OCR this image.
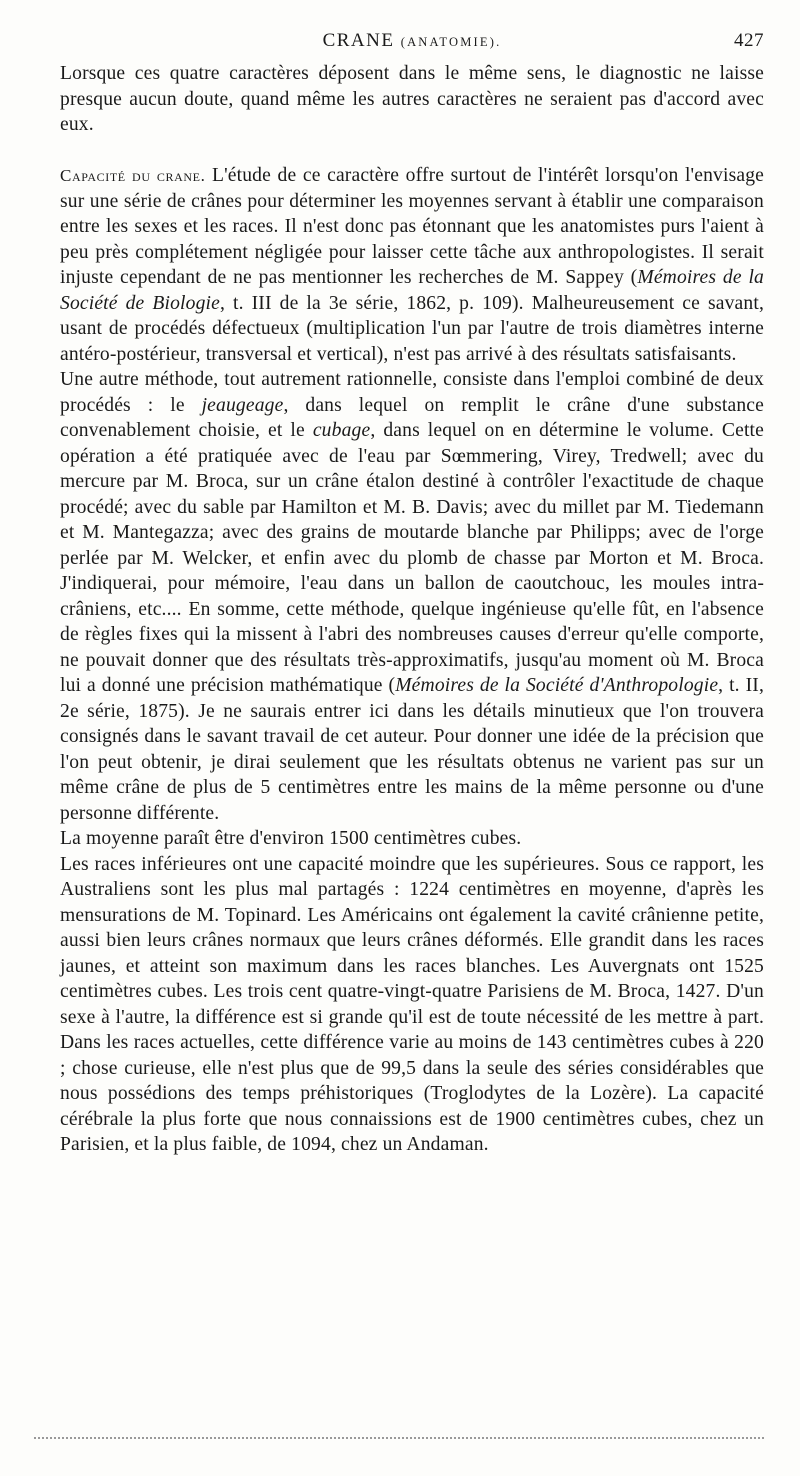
CRANE (ANATOMIE).	427

Lorsque ces quatre caractères déposent dans le même sens, le diagnostic ne laisse presque aucun doute, quand même les autres caractères ne seraient pas d'accord avec eux.

Capacité du crane. L'étude de ce caractère offre surtout de l'intérêt lorsqu'on l'envisage sur une série de crânes pour déterminer les moyennes servant à établir une comparaison entre les sexes et les races. Il n'est donc pas étonnant que les anatomistes purs l'aient à peu près complétement négligée pour laisser cette tâche aux anthropologistes. Il serait injuste cependant de ne pas mentionner les recherches de M. Sappey (Mémoires de la Société de Biologie, t. III de la 3e série, 1862, p. 109). Malheureusement ce savant, usant de procédés défectueux (multiplication l'un par l'autre de trois diamètres interne antéro-postérieur, transversal et vertical), n'est pas arrivé à des résultats satisfaisants.

Une autre méthode, tout autrement rationnelle, consiste dans l'emploi combiné de deux procédés : le jeaugeage, dans lequel on remplit le crâne d'une substance convenablement choisie, et le cubage, dans lequel on en détermine le volume. Cette opération a été pratiquée avec de l'eau par Sœmmering, Virey, Tredwell; avec du mercure par M. Broca, sur un crâne étalon destiné à contrôler l'exactitude de chaque procédé; avec du sable par Hamilton et M. B. Davis; avec du millet par M. Tiedemann et M. Mantegazza; avec des grains de moutarde blanche par Philipps; avec de l'orge perlée par M. Welcker, et enfin avec du plomb de chasse par Morton et M. Broca. J'indiquerai, pour mémoire, l'eau dans un ballon de caoutchouc, les moules intra-crâniens, etc.... En somme, cette méthode, quelque ingénieuse qu'elle fût, en l'absence de règles fixes qui la missent à l'abri des nombreuses causes d'erreur qu'elle comporte, ne pouvait donner que des résultats très-approximatifs, jusqu'au moment où M. Broca lui a donné une précision mathématique (Mémoires de la Société d'Anthropologie, t. II, 2e série, 1875). Je ne saurais entrer ici dans les détails minutieux que l'on trouvera consignés dans le savant travail de cet auteur. Pour donner une idée de la précision que l'on peut obtenir, je dirai seulement que les résultats obtenus ne varient pas sur un même crâne de plus de 5 centimètres entre les mains de la même personne ou d'une personne différente.

La moyenne paraît être d'environ 1500 centimètres cubes.

Les races inférieures ont une capacité moindre que les supérieures. Sous ce rapport, les Australiens sont les plus mal partagés : 1224 centimètres en moyenne, d'après les mensurations de M. Topinard. Les Américains ont également la cavité crânienne petite, aussi bien leurs crânes normaux que leurs crânes déformés. Elle grandit dans les races jaunes, et atteint son maximum dans les races blanches. Les Auvergnats ont 1525 centimètres cubes. Les trois cent quatre-vingt-quatre Parisiens de M. Broca, 1427. D'un sexe à l'autre, la différence est si grande qu'il est de toute nécessité de les mettre à part. Dans les races actuelles, cette différence varie au moins de 143 centimètres cubes à 220 ; chose curieuse, elle n'est plus que de 99,5 dans la seule des séries considérables que nous possédions des temps préhistoriques (Troglodytes de la Lozère). La capacité cérébrale la plus forte que nous connaissions est de 1900 centimètres cubes, chez un Parisien, et la plus faible, de 1094, chez un Andaman.
